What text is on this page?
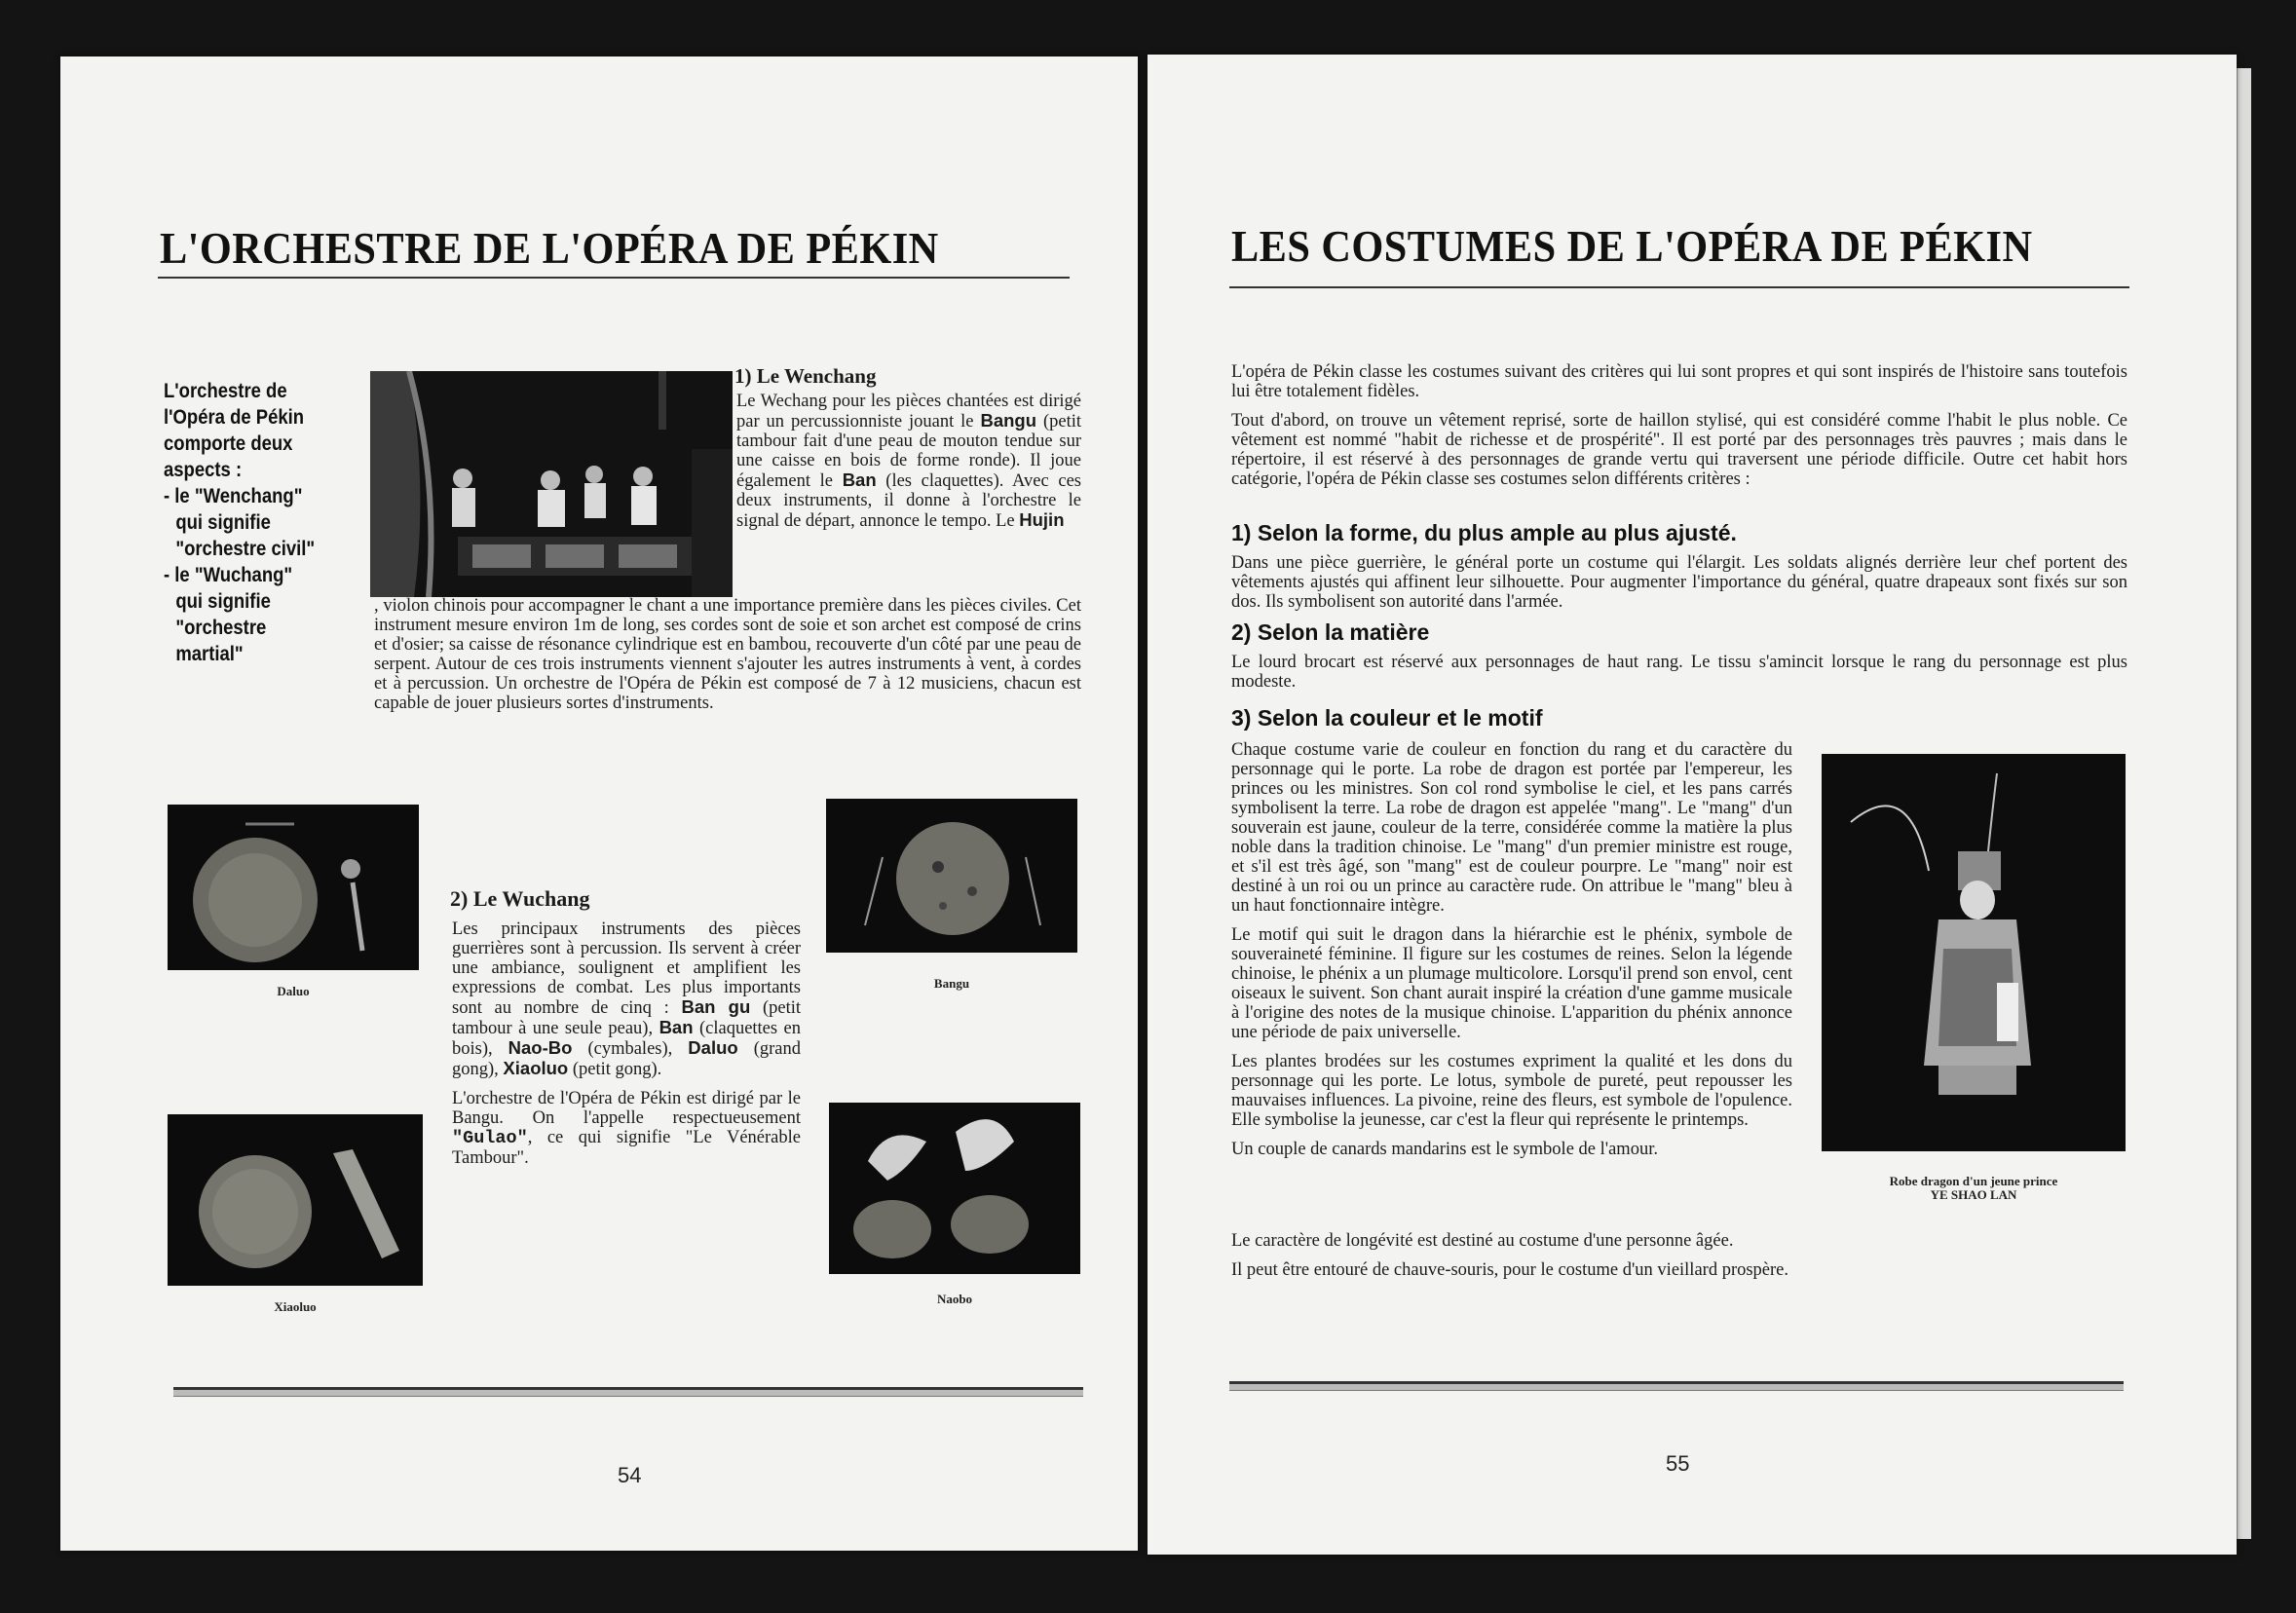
L'ORCHESTRE DE L'OPÉRA DE PÉKIN
L'orchestre de l'Opéra de Pékin comporte deux aspects :
- le "Wenchang" qui signifie "orchestre civil"
- le "Wuchang" qui signifie "orchestre martial"
1) Le Wenchang
Le Wechang pour les pièces chantées est dirigé par un percussionniste jouant le Bangu (petit tambour fait d'une peau de mouton tendue sur une caisse en bois de forme ronde). Il joue également le Ban (les claquettes). Avec ces deux instruments, il donne à l'orchestre le signal de départ, annonce le tempo. Le Hujin
, violon chinois pour accompagner le chant a une importance première dans les pièces civiles. Cet instrument mesure environ 1m de long, ses cordes sont de soie et son archet est composé de crins et d'osier; sa caisse de résonance cylindrique est en bambou, recouverte d'un côté par une peau de serpent. Autour de ces trois instruments viennent s'ajouter les autres instruments à vent, à cordes et à percussion. Un orchestre de l'Opéra de Pékin est composé de 7 à 12 musiciens, chacun est capable de jouer plusieurs sortes d'instruments.
Daluo
Bangu
Xiaoluo
Naobo
2) Le Wuchang

Les principaux instruments des pièces guerrières sont à percussion. Ils servent à créer une ambiance, soulignent et amplifient les expressions de combat. Les plus importants sont au nombre de cinq : Ban gu (petit tambour à une seule peau), Ban (claquettes en bois), Nao-Bo (cymbales), Daluo (grand gong), Xiaoluo (petit gong).

L'orchestre de l'Opéra de Pékin est dirigé par le Bangu. On l'appelle respectueusement "Gulao", ce qui signifie "Le Vénérable Tambour".

54
LES COSTUMES DE L'OPÉRA DE PÉKIN

L'opéra de Pékin classe les costumes suivant des critères qui lui sont propres et qui sont inspirés de l'histoire sans toutefois lui être totalement fidèles.

Tout d'abord, on trouve un vêtement reprisé, sorte de haillon stylisé, qui est considéré comme l'habit le plus noble. Ce vêtement est nommé "habit de richesse et de prospérité". Il est porté par des personnages très pauvres ; mais dans le répertoire, il est réservé à des personnages de grande vertu qui traversent une période difficile. Outre cet habit hors catégorie, l'opéra de Pékin classe ses costumes selon différents critères :

1) Selon la forme, du plus ample au plus ajusté.
Dans une pièce guerrière, le général porte un costume qui l'élargit. Les soldats alignés derrière leur chef portent des vêtements ajustés qui affinent leur silhouette. Pour augmenter l'importance du général, quatre drapeaux sont fixés sur son dos. Ils symbolisent son autorité dans l'armée.
2) Selon la matière
Le lourd brocart est réservé aux personnages de haut rang. Le tissu s'amincit lorsque le rang du personnage est plus modeste.
3) Selon la couleur et le motif

Chaque costume varie de couleur en fonction du rang et du caractère du personnage qui le porte. La robe de dragon est portée par l'empereur, les princes ou les ministres. Son col rond symbolise le ciel, et les pans carrés symbolisent la terre. La robe de dragon est appelée "mang". Le "mang" d'un souverain est jaune, couleur de la terre, considérée comme la matière la plus noble dans la tradition chinoise. Le "mang" d'un premier ministre est rouge, et s'il est très âgé, son "mang" est de couleur pourpre. Le "mang" noir est destiné à un roi ou un prince au caractère rude. On attribue le "mang" bleu à un haut fonctionnaire intègre.

Le motif qui suit le dragon dans la hiérarchie est le phénix, symbole de souveraineté féminine. Il figure sur les costumes de reines. Selon la légende chinoise, le phénix a un plumage multicolore. Lorsqu'il prend son envol, cent oiseaux le suivent. Son chant aurait inspiré la création d'une gamme musicale à l'origine des notes de la musique chinoise. L'apparition du phénix annonce une période de paix universelle.

Les plantes brodées sur les costumes expriment la qualité et les dons du personnage qui les porte. Le lotus, symbole de pureté, peut repousser les mauvaises influences. La pivoine, reine des fleurs, est symbole de l'opulence. Elle symbolise la jeunesse, car c'est la fleur qui représente le printemps.

Un couple de canards mandarins est le symbole de l'amour.

Le caractère de longévité est destiné au costume d'une personne âgée.

Il peut être entouré de chauve-souris, pour le costume d'un vieillard prospère.

Robe dragon d'un jeune prince
YE SHAO LAN
55
